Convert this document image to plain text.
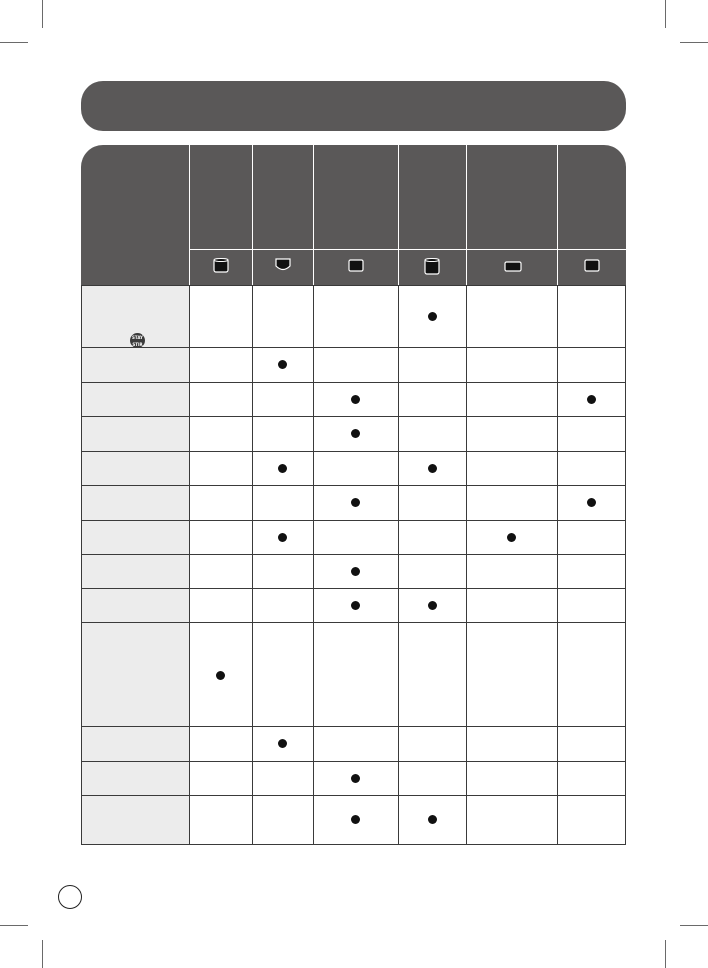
STAY
STIR
